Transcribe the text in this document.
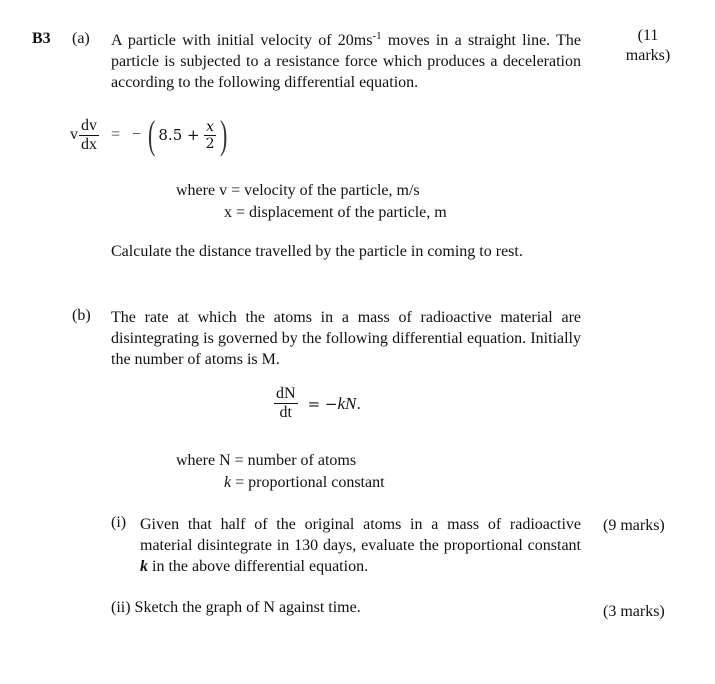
B3 (a) A particle with initial velocity of $20ms^{-1}$ moves in a straight line. The particle is subjected to a resistance force which produces a deceleration according to the following differential equation.
(11
marks)
v $\frac{dv}{dx}$ = − ( $8.5 + \frac{x}{2}$ )
where v = velocity of the particle, m/s
x = displacement of the particle, m
Calculate the distance travelled by the particle in coming to rest.
(b) The rate at which the atoms in a mass of radioactive material are disintegrating is governed by the following differential equation. Initially the number of atoms is M.
$\frac{dN}{dt} = -kN$.
where N = number of atoms
k = proportional constant
(i) Given that half of the original atoms in a mass of radioactive material disintegrate in 130 days, evaluate the proportional constant k in the above differential equation.
(9 marks)
(ii) Sketch the graph of N against time.	(3 marks)
